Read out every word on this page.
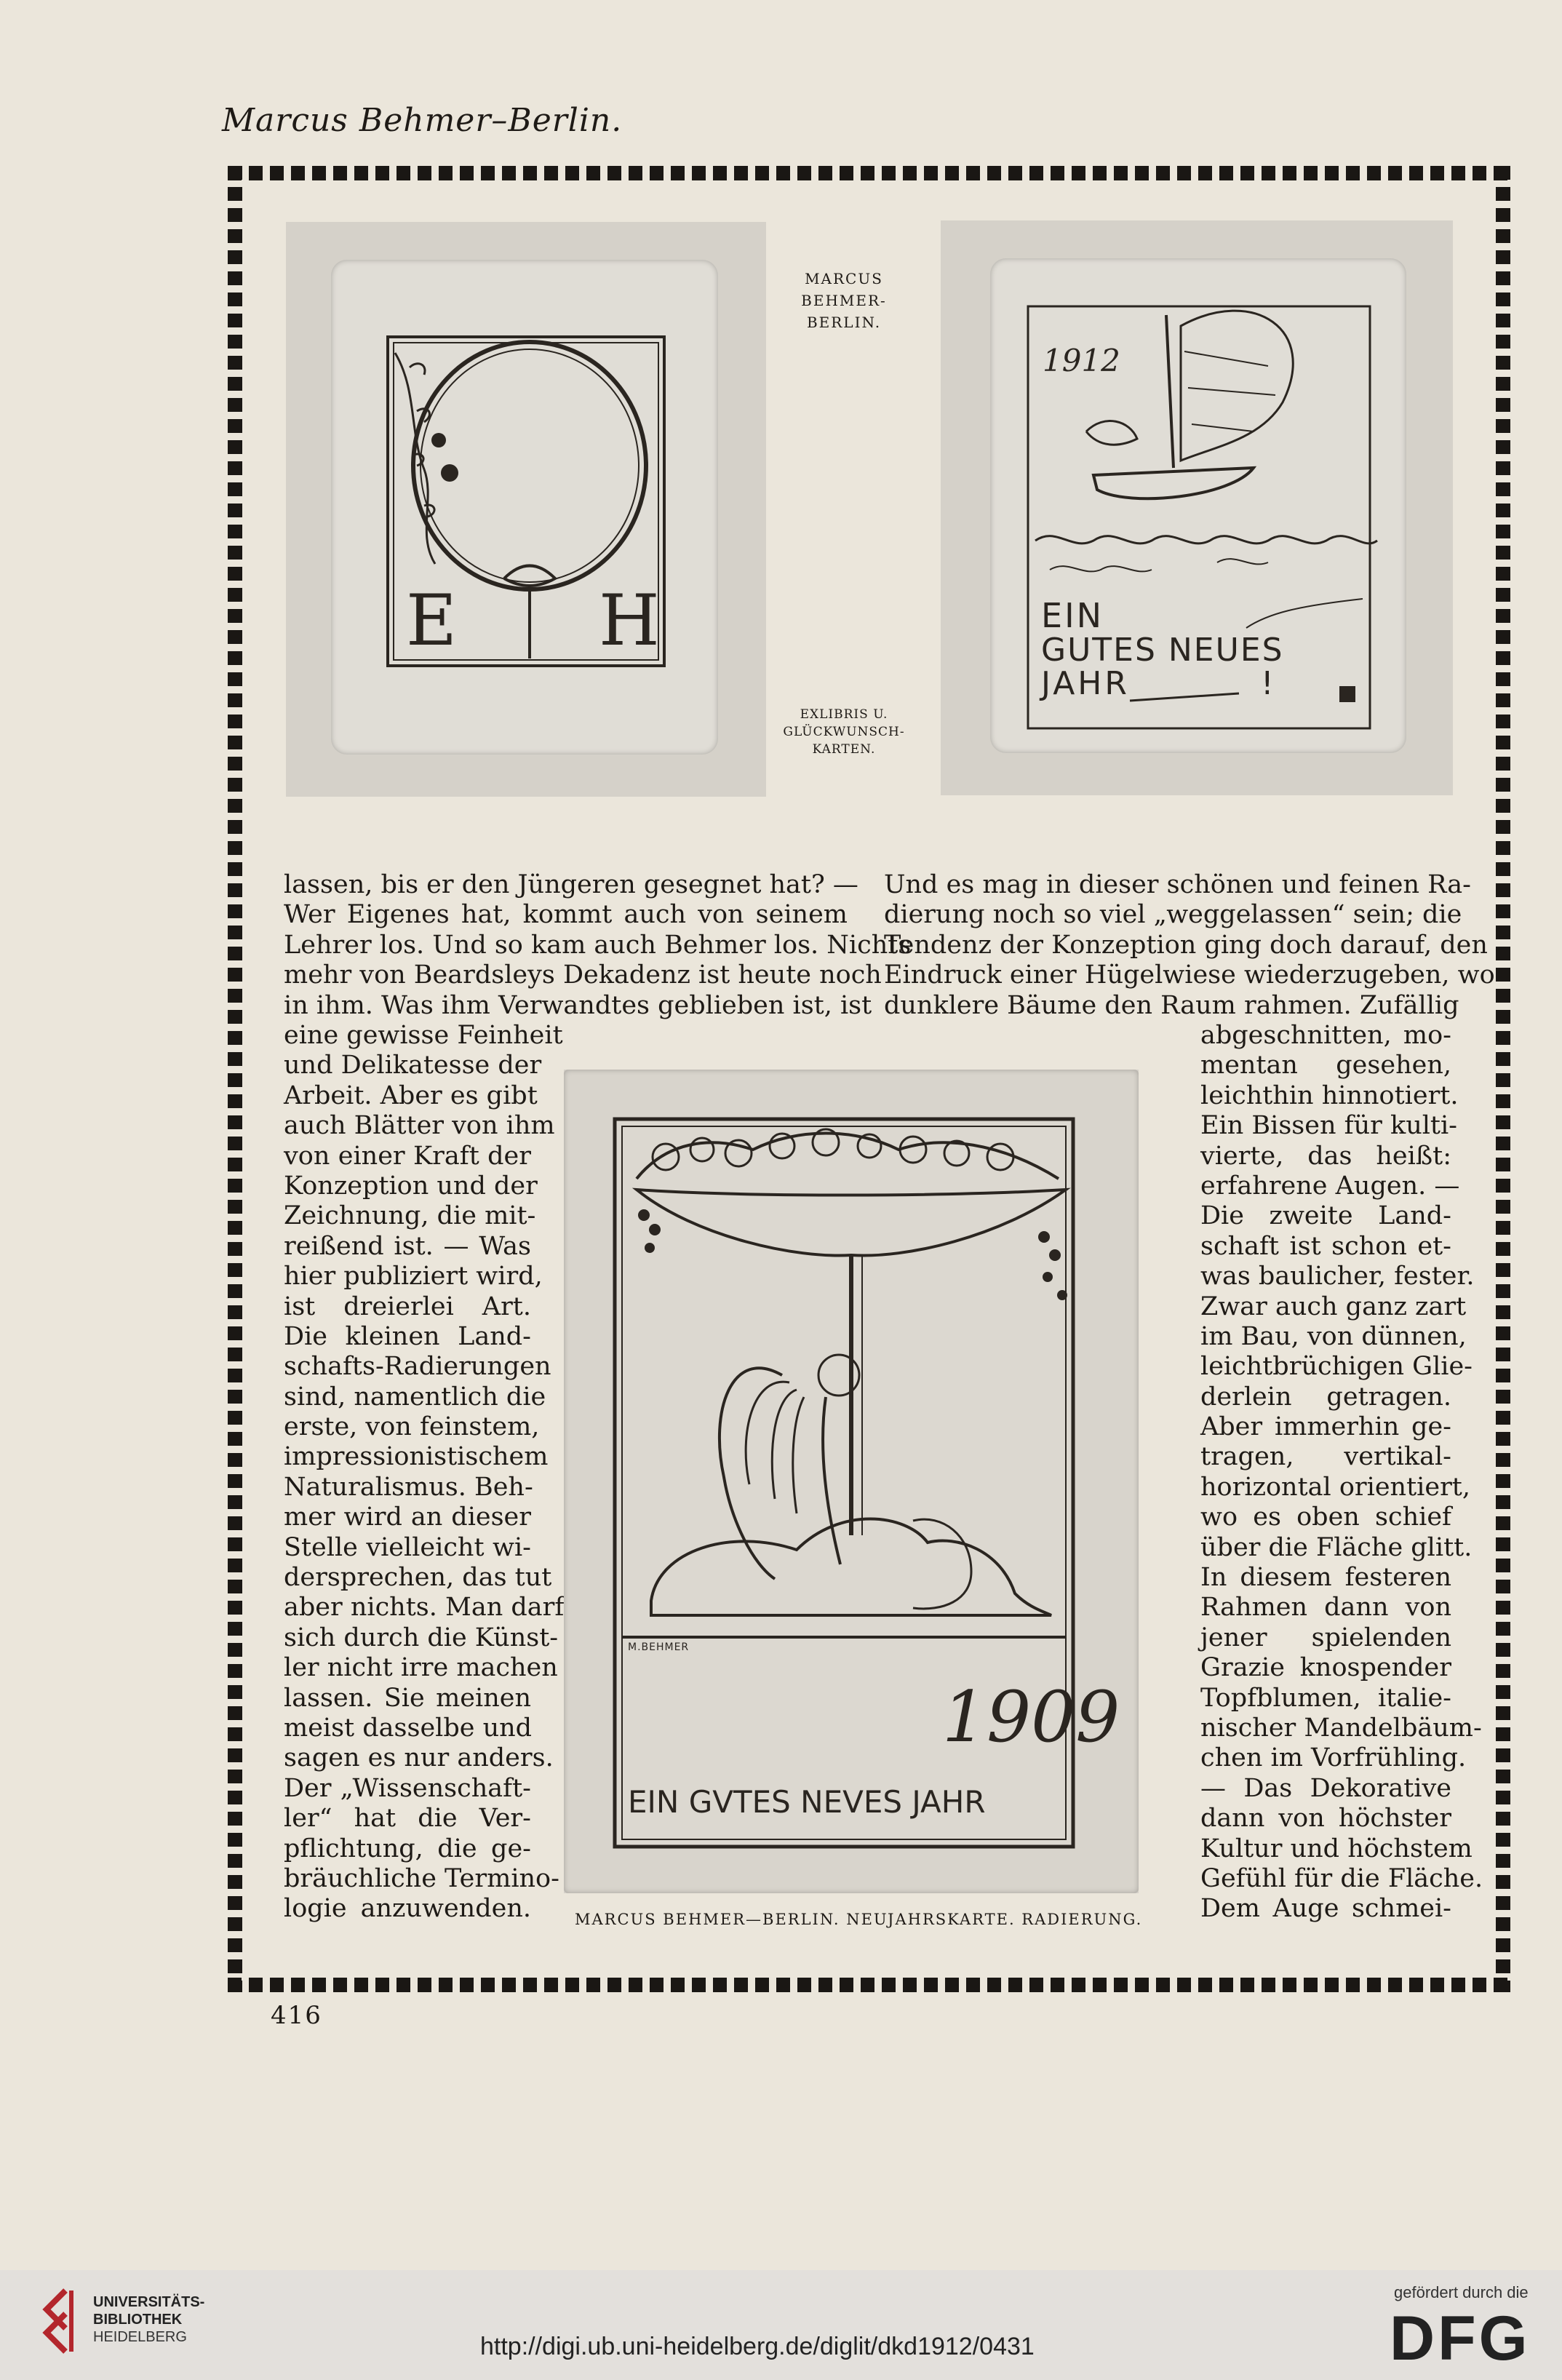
Marcus Behmer–Berlin.
E H
MARCUS
BEHMER-
BERLIN.
EXLIBRIS U.
GLÜCKWUNSCH-
KARTEN.
1912
EIN
GUTES NEUES
JAHR	!
lassen, bis er den Jüngeren gesegnet hat? —
Wer Eigenes hat, kommt auch von seinem
Lehrer los. Und so kam auch Behmer los. Nichts
mehr von Beardsleys Dekadenz ist heute noch
in ihm. Was ihm Verwandtes geblieben ist, ist
Und es mag in dieser schönen und feinen Ra-
dierung noch so viel „weggelassen“ sein; die
Tendenz der Konzeption ging doch darauf, den
Eindruck einer Hügelwiese wiederzugeben, wo
dunklere Bäume den Raum rahmen. Zufällig
eine gewisse Feinheit
und Delikatesse der
Arbeit. Aber es gibt
auch Blätter von ihm
von einer Kraft der
Konzeption und der
Zeichnung, die mit-
reißend ist. — Was
hier publiziert wird,
ist dreierlei Art.
Die kleinen Land-
schafts-Radierungen
sind, namentlich die
erste, von feinstem,
impressionistischem
Naturalismus. Beh-
mer wird an dieser
Stelle vielleicht wi-
dersprechen, das tut
aber nichts. Man darf
sich durch die Künst-
ler nicht irre machen
lassen. Sie meinen
meist dasselbe und
sagen es nur anders.
Der „Wissenschaft-
ler“ hat die Ver-
pflichtung, die ge-
bräuchliche Termino-
logie anzuwenden.
M.BEHMER
1909
EIN GVTES NEVES JAHR
abgeschnitten, mo-
mentan gesehen,
leichthin hinnotiert.
Ein Bissen für kulti-
vierte, das heißt:
erfahrene Augen. —
Die zweite Land-
schaft ist schon et-
was baulicher, fester.
Zwar auch ganz zart
im Bau, von dünnen,
leichtbrüchigen Glie-
derlein getragen.
Aber immerhin ge-
tragen, vertikal-
horizontal orientiert,
wo es oben schief
über die Fläche glitt.
In diesem festeren
Rahmen dann von
jener spielenden
Grazie knospender
Topfblumen, italie-
nischer Mandelbäum-
chen im Vorfrühling.
— Das Dekorative
dann von höchster
Kultur und höchstem
Gefühl für die Fläche.
Dem Auge schmei-
MARCUS BEHMER—BERLIN. NEUJAHRSKARTE. RADIERUNG.
416
UNIVERSITÄTS-
BIBLIOTHEK
HEIDELBERG	http://digi.ub.uni-heidelberg.de/diglit/dkd1912/0431
gefördert durch die
DFG
